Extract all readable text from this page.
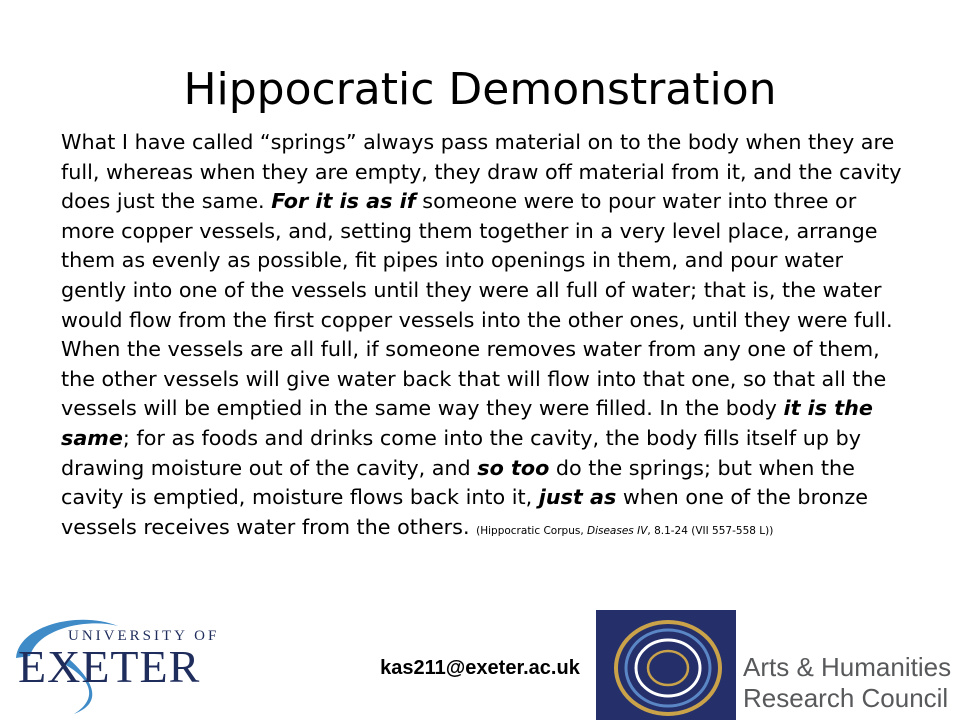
Hippocratic Demonstration
What I have called “springs” always pass material on to the body when they are full, whereas when they are empty, they draw off material from it, and the cavity does just the same. For it is as if someone were to pour water into three or more copper vessels, and, setting them together in a very level place, arrange them as evenly as possible, fit pipes into openings in them, and pour water gently into one of the vessels until they were all full of water; that is, the water would flow from the first copper vessels into the other ones, until they were full. When the vessels are all full, if someone removes water from any one of them, the other vessels will give water back that will flow into that one, so that all the vessels will be emptied in the same way they were filled. In the body it is the same; for as foods and drinks come into the cavity, the body fills itself up by drawing moisture out of the cavity, and so too do the springs; but when the cavity is emptied, moisture flows back into it, just as when one of the bronze vessels receives water from the others. (Hippocratic Corpus, Diseases IV, 8.1-24 (VII 557-558 L))
UNIVERSITY OF
EXETER	kas211@exeter.ac.uk	Arts & Humanities
Research Council
